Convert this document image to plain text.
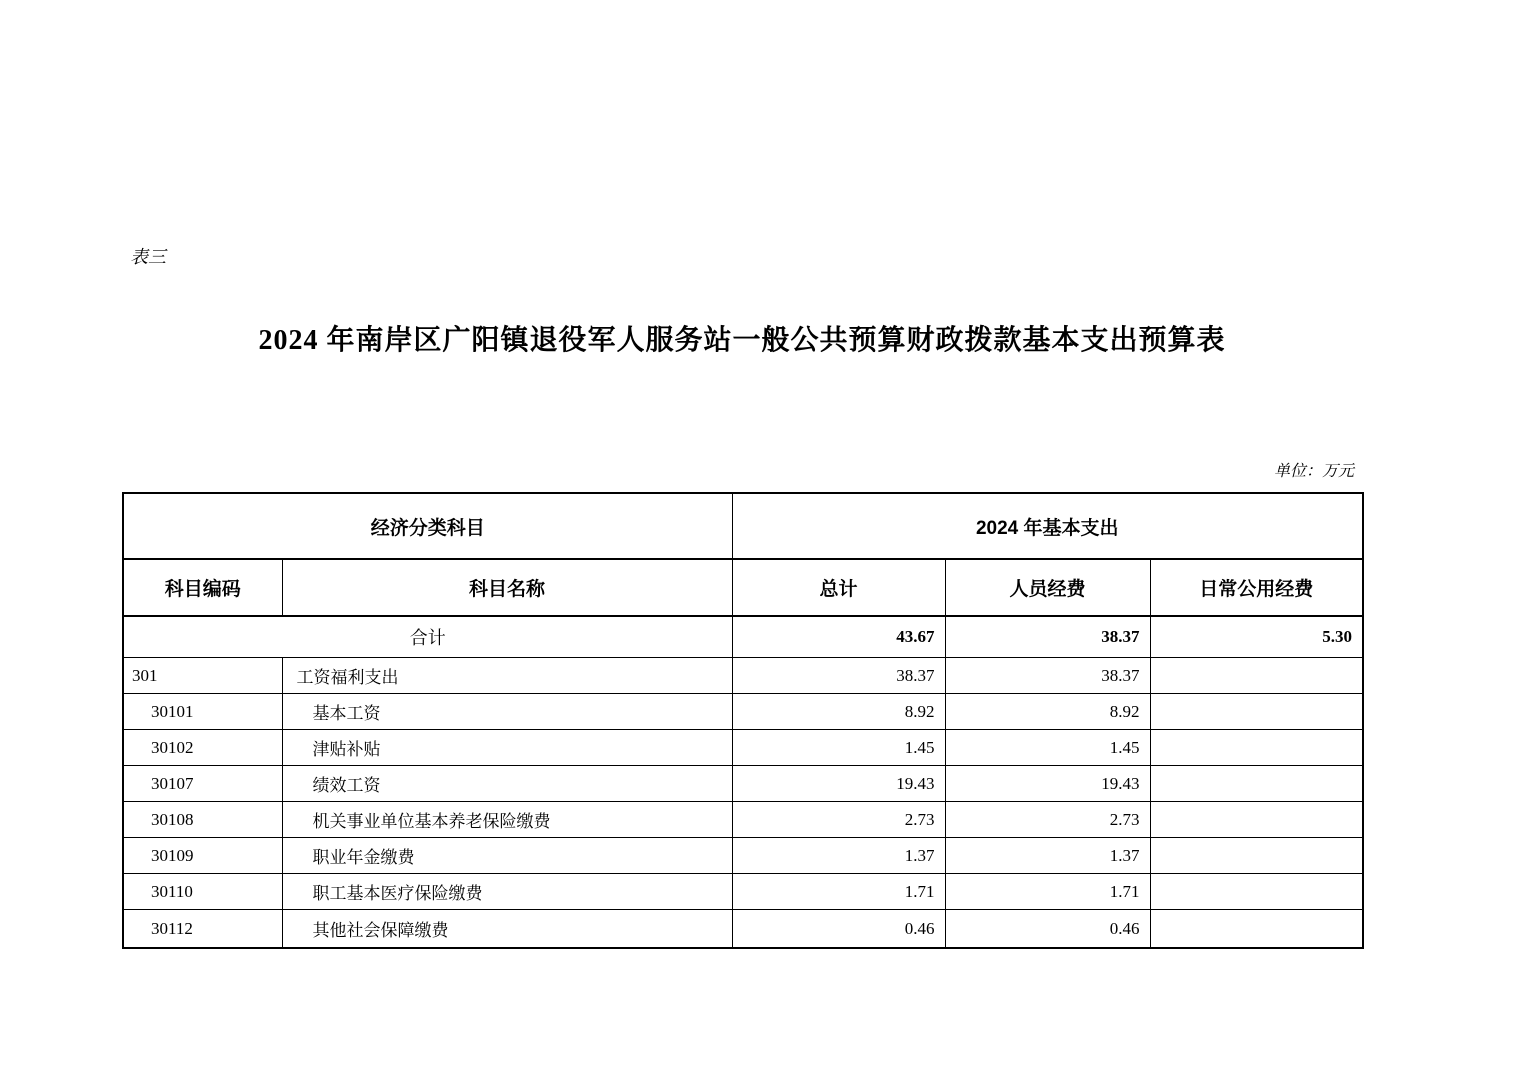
表三
2024 年南岸区广阳镇退役军人服务站一般公共预算财政拨款基本支出预算表
单位：万元
经济分类科目		2024 年基本支出		
科目编码	科目名称	总计	人员经费	日常公用经费
合计		43.67	38.37	5.30
301	工资福利支出	38.37	38.37	
30101	基本工资	8.92	8.92	
30102	津贴补贴	1.45	1.45	
30107	绩效工资	19.43	19.43	
30108	机关事业单位基本养老保险缴费	2.73	2.73	
30109	职业年金缴费	1.37	1.37	
30110	职工基本医疗保险缴费	1.71	1.71	
30112	其他社会保障缴费	0.46	0.46	
